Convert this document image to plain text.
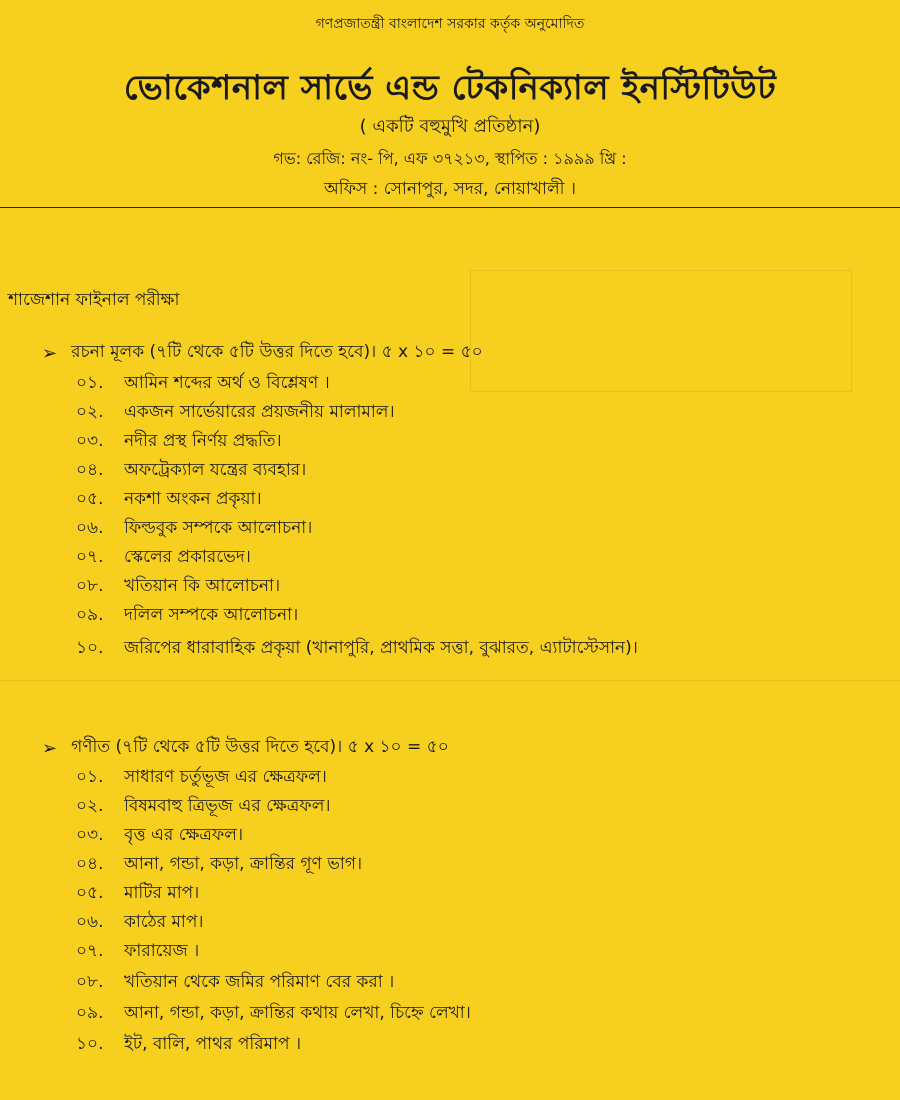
গণপ্রজাতন্ত্রী বাংলাদেশ সরকার কর্তৃক অনুমোদিত
ভোকেশনাল সার্ভে এন্ড টেকনিক্যাল ইনস্টিটিউট
( একটি বহুমুখি প্রতিষ্ঠান)
গভ: রেজি: নং- পি, এফ ৩৭২১৩, স্থাপিত : ১৯৯৯ খ্রি :
অফিস : সোনাপুর, সদর, নোয়াখালী ।
শাজেশান ফাইনাল পরীক্ষা
➢ রচনা মূলক (৭টি থেকে ৫টি উত্তর দিতে হবে)। ৫ x ১০ = ৫০
০১. আমিন শব্দের অর্থ ও বিশ্লেষণ ।
০২. একজন সার্ভেয়ারের প্রয়জনীয় মালামাল।
০৩. নদীর প্রস্থ নির্ণয় প্রদ্ধতি।
০৪. অফট্রেক্যাল যন্ত্রের ব্যবহার।
০৫. নকশা অংকন প্রকৃয়া।
০৬. ফিল্ডবুক সম্পকে আলোচনা।
০৭. স্কেলের প্রকারভেদ।
০৮. খতিয়ান কি আলোচনা।
০৯. দলিল সম্পকে আলোচনা।
১০. জরিপের ধারাবাহিক প্রকৃয়া (খানাপুরি, প্রাথমিক সত্তা, বুঝারত, এ্যাটাস্টেসান)।
➢ গণীত (৭টি থেকে ৫টি উত্তর দিতে হবে)। ৫ x ১০ = ৫০
০১. সাধারণ চর্তুভূজ এর ক্ষেত্রফল।
০২. বিষমবাহু ত্রিভূজ এর ক্ষেত্রফল।
০৩. বৃত্ত এর ক্ষেত্রফল।
০৪. আনা, গন্ডা, কড়া, ক্রান্তির গূণ ভাগ।
০৫. মাটির মাপ।
০৬. কাঠের মাপ।
০৭. ফারায়েজ ।
০৮. খতিয়ান থেকে জমির পরিমাণ বের করা ।
০৯. আনা, গন্ডা, কড়া, ক্রান্তির কথায় লেখা, চিহ্নে লেখা।
১০. ইট, বালি, পাথর পরিমাপ ।
